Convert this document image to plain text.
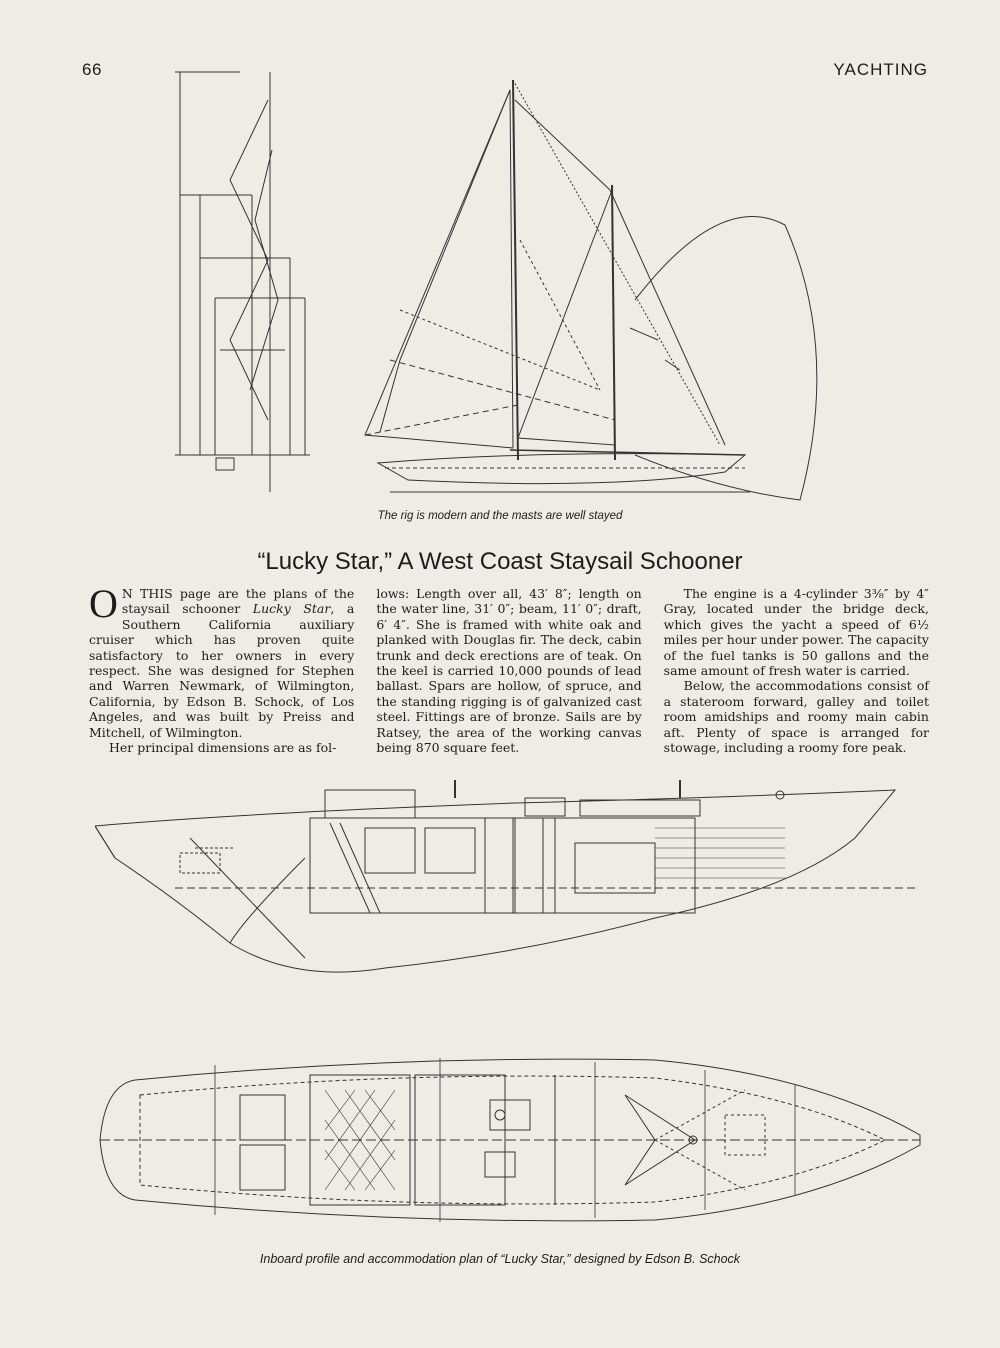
66	YACHTING
The rig is modern and the masts are well stayed
“Lucky Star,” A West Coast Staysail Schooner

O N THIS page are the plans of the staysail schooner Lucky Star, a Southern California auxiliary cruiser which has proven quite satisfactory to her owners in every respect. She was designed for Stephen and Warren Newmark, of Wilmington, California, by Edson B. Schock, of Los Angeles, and was built by Preiss and Mitchell, of Wilmington.

Her principal dimensions are as fol-

lows: Length over all, 43′ 8″; length on the water line, 31′ 0″; beam, 11′ 0″; draft, 6′ 4″. She is framed with white oak and planked with Douglas fir. The deck, cabin trunk and deck erections are of teak. On the keel is carried 10,000 pounds of lead ballast. Spars are hollow, of spruce, and the standing rigging is of galvanized cast steel. Fittings are of bronze. Sails are by Ratsey, the area of the working canvas being 870 square feet.

The engine is a 4-cylinder 3⅜″ by 4″ Gray, located under the bridge deck, which gives the yacht a speed of 6½ miles per hour under power. The capacity of the fuel tanks is 50 gallons and the same amount of fresh water is carried.

Below, the accommodations consist of a stateroom forward, galley and toilet room amidships and roomy main cabin aft. Plenty of space is arranged for stowage, including a roomy fore peak.

Inboard profile and accommodation plan of “Lucky Star,” designed by Edson B. Schock
